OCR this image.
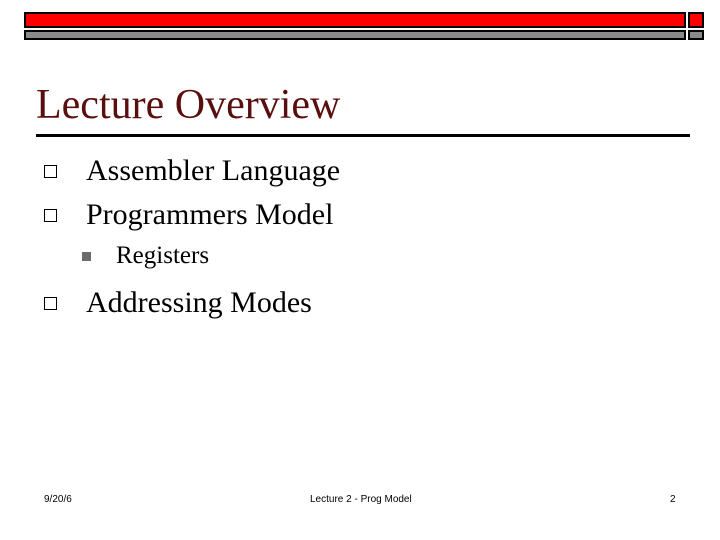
Lecture Overview
Assembler Language
Programmers Model
Registers
Addressing Modes
9/20/6	Lecture 2 - Prog Model	2
